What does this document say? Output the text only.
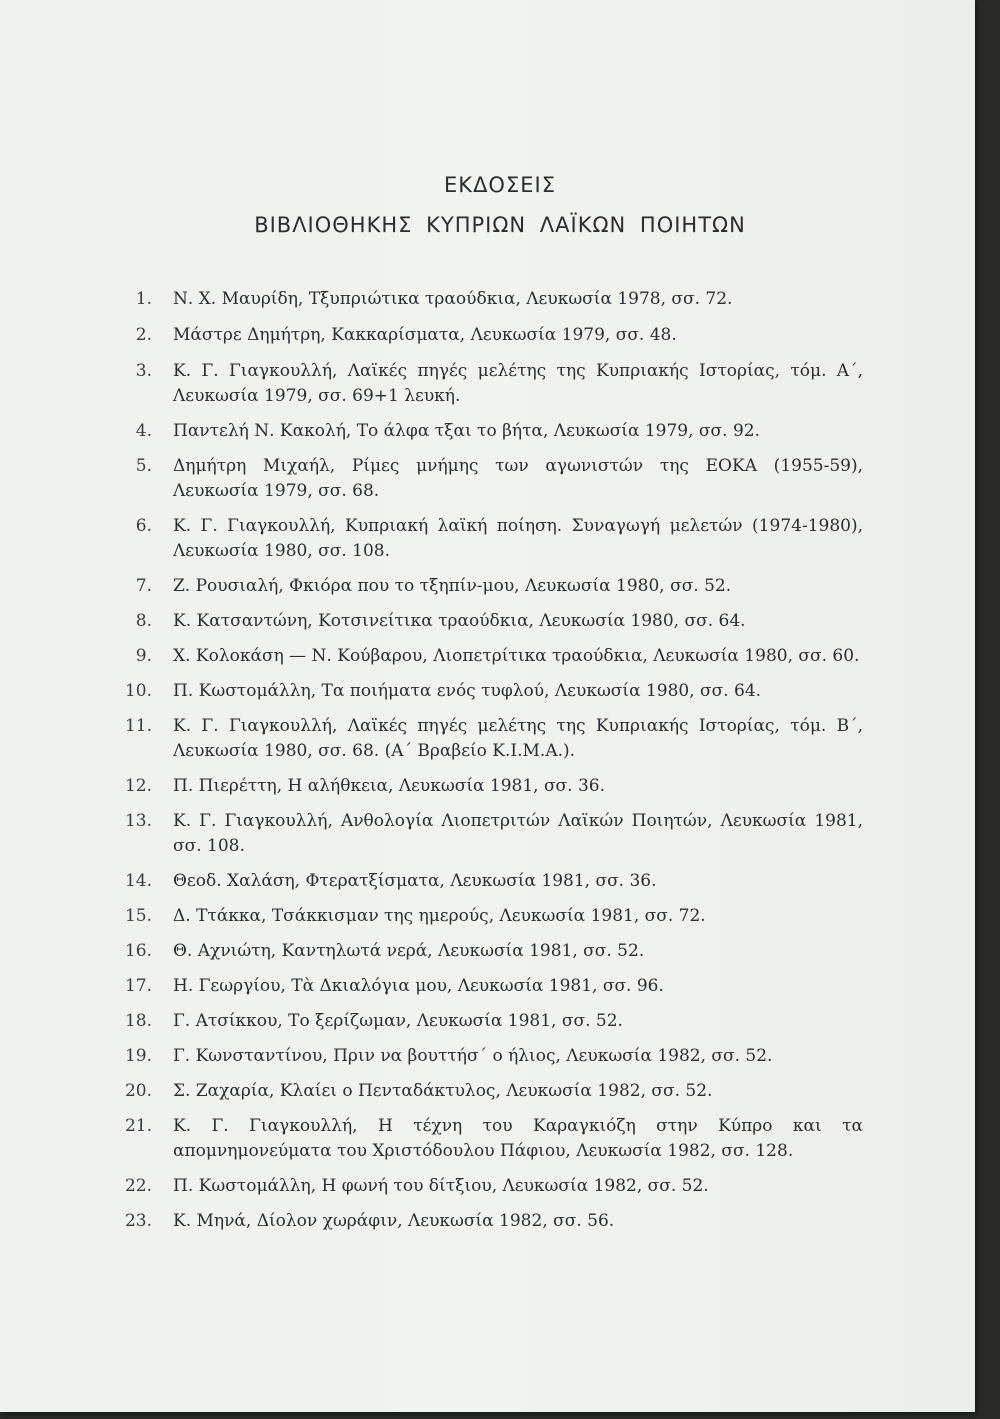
ΕΚΔΟΣΕΙΣ
ΒΙΒΛΙΟΘΗΚΗΣ ΚΥΠΡΙΩΝ ΛΑΪΚΩΝ ΠΟΙΗΤΩΝ
1. Ν. Χ. Μαυρίδη, Τξυπριώτικα τραούδκια, Λευκωσία 1978, σσ. 72.
2. Μάστρε Δημήτρη, Κακκαρίσματα, Λευκωσία 1979, σσ. 48.
3. Κ. Γ. Γιαγκουλλή, Λαϊκές πηγές μελέτης της Κυπριακής Ιστορίας, τόμ. Α΄, Λευκωσία 1979, σσ. 69+1 λευκή.
4. Παντελή Ν. Κακολή, Το άλφα τξαι το βήτα, Λευκωσία 1979, σσ. 92.
5. Δημήτρη Μιχαήλ, Ρίμες μνήμης των αγωνιστών της ΕΟΚΑ (1955-59), Λευκωσία 1979, σσ. 68.
6. Κ. Γ. Γιαγκουλλή, Κυπριακή λαϊκή ποίηση. Συναγωγή μελετών (1974-1980), Λευκωσία 1980, σσ. 108.
7. Ζ. Ρουσιαλή, Φκιόρα που το τξηπίν-μου, Λευκωσία 1980, σσ. 52.
8. Κ. Κατσαντώνη, Κοτσινείτικα τραούδκια, Λευκωσία 1980, σσ. 64.
9. Χ. Κολοκάση — Ν. Κούβαρου, Λιοπετρίτικα τραούδκια, Λευκωσία 1980, σσ. 60.
10. Π. Κωστομάλλη, Τα ποιήματα ενός τυφλού, Λευκωσία 1980, σσ. 64.
11. Κ. Γ. Γιαγκουλλή, Λαϊκές πηγές μελέτης της Κυπριακής Ιστορίας, τόμ. Β΄, Λευκωσία 1980, σσ. 68. (Α΄ Βραβείο Κ.Ι.Μ.Α.).
12. Π. Πιερέττη, Η αλήθκεια, Λευκωσία 1981, σσ. 36.
13. Κ. Γ. Γιαγκουλλή, Ανθολογία Λιοπετριτών Λαϊκών Ποιητών, Λευκωσία 1981, σσ. 108.
14. Θεοδ. Χαλάση, Φτερατξίσματα, Λευκωσία 1981, σσ. 36.
15. Δ. Ττάκκα, Τσάκκισμαν της ημερούς, Λευκωσία 1981, σσ. 72.
16. Θ. Αχνιώτη, Καντηλωτά νερά, Λευκωσία 1981, σσ. 52.
17. Η. Γεωργίου, Τὰ Δκιαλόγια μου, Λευκωσία 1981, σσ. 96.
18. Γ. Ατσίκκου, Το ξερίζωμαν, Λευκωσία 1981, σσ. 52.
19. Γ. Κωνσταντίνου, Πριν να βουττήσ΄ ο ήλιος, Λευκωσία 1982, σσ. 52.
20. Σ. Ζαχαρία, Κλαίει ο Πενταδάκτυλος, Λευκωσία 1982, σσ. 52.
21. Κ. Γ. Γιαγκουλλή, Η τέχνη του Καραγκιόζη στην Κύπρο και τα απομνημονεύματα του Χριστόδουλου Πάφιου, Λευκωσία 1982, σσ. 128.
22. Π. Κωστομάλλη, Η φωνή του δίτξιου, Λευκωσία 1982, σσ. 52.
23. Κ. Μηνά, Δίολον χωράφιν, Λευκωσία 1982, σσ. 56.
